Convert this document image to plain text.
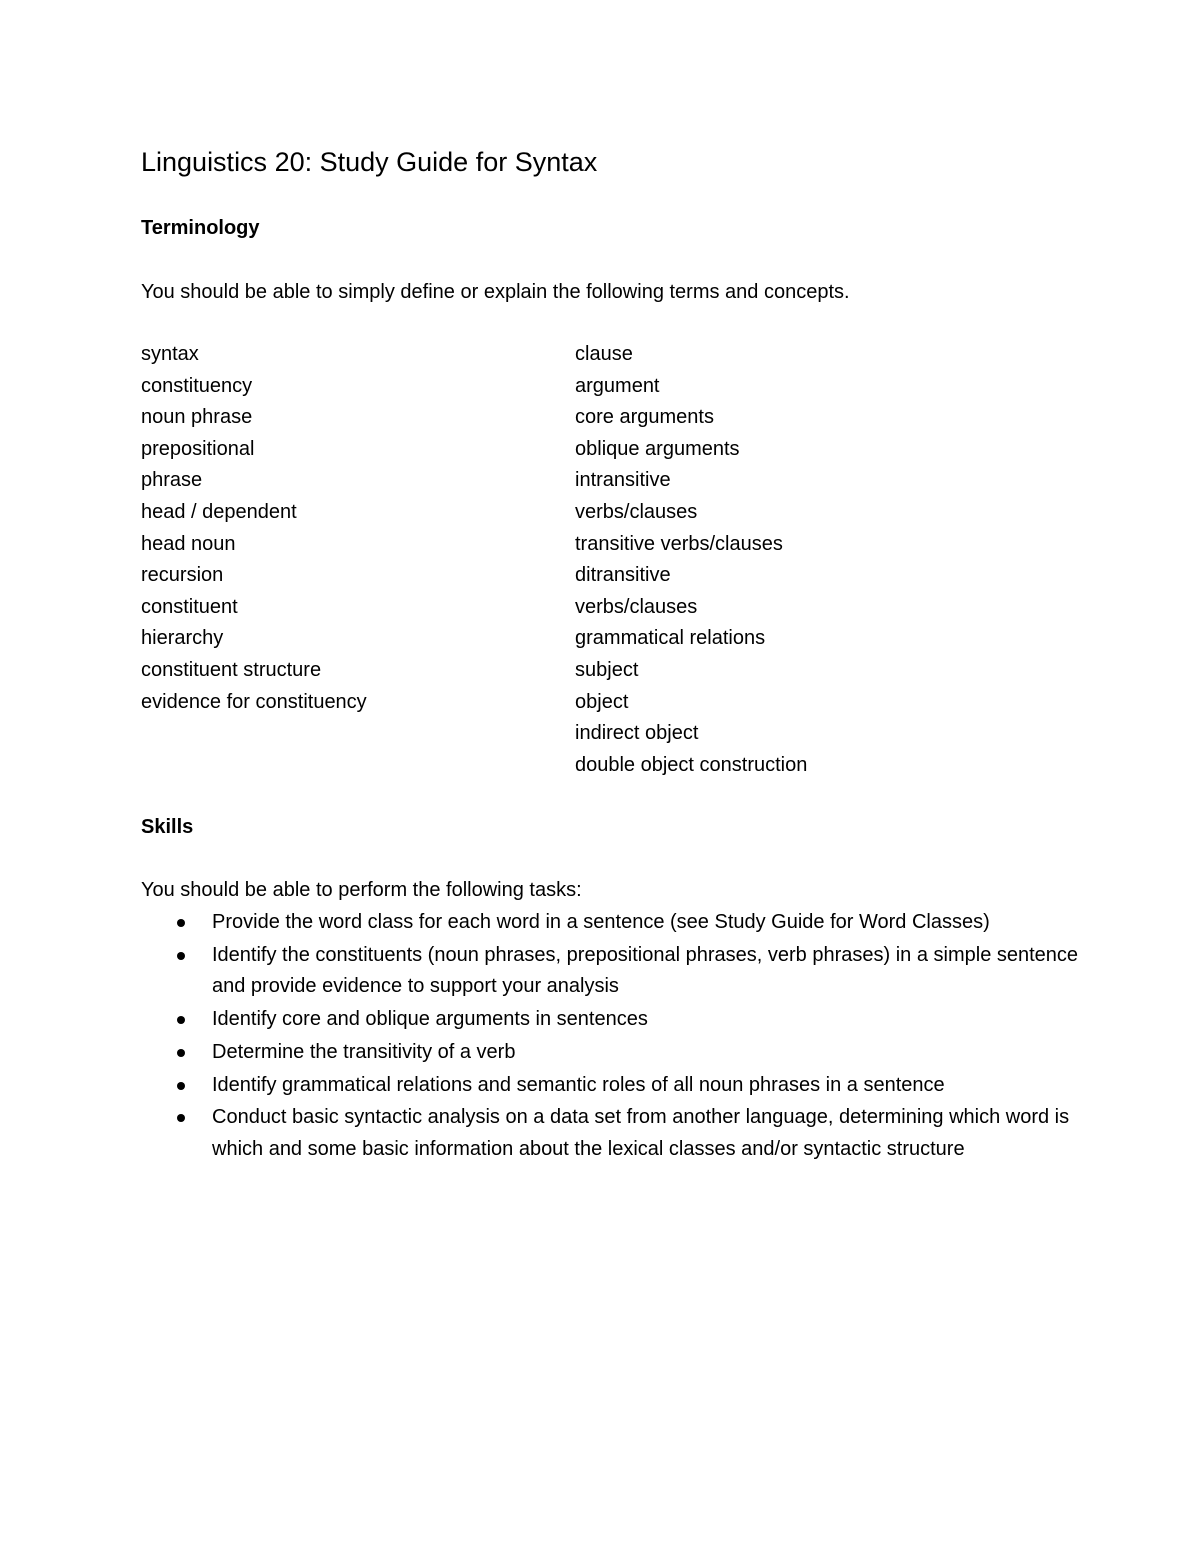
Linguistics 20: Study Guide for Syntax
Terminology

You should be able to simply define or explain the following terms and concepts.

syntax
constituency
noun phrase
prepositional
phrase
head / dependent
head noun
recursion
constituent
hierarchy
constituent structure
evidence for constituency
clause
argument
core arguments
oblique arguments
intransitive
verbs/clauses
transitive verbs/clauses
ditransitive
verbs/clauses
grammatical relations
subject
object
indirect object
double object construction
Skills

You should be able to perform the following tasks:

Provide the word class for each word in a sentence (see Study Guide for Word Classes)
Identify the constituents (noun phrases, prepositional phrases, verb phrases) in a simple sentence and provide evidence to support your analysis
Identify core and oblique arguments in sentences
Determine the transitivity of a verb
Identify grammatical relations and semantic roles of all noun phrases in a sentence
Conduct basic syntactic analysis on a data set from another language, determining which word is which and some basic information about the lexical classes and/or syntactic structure
